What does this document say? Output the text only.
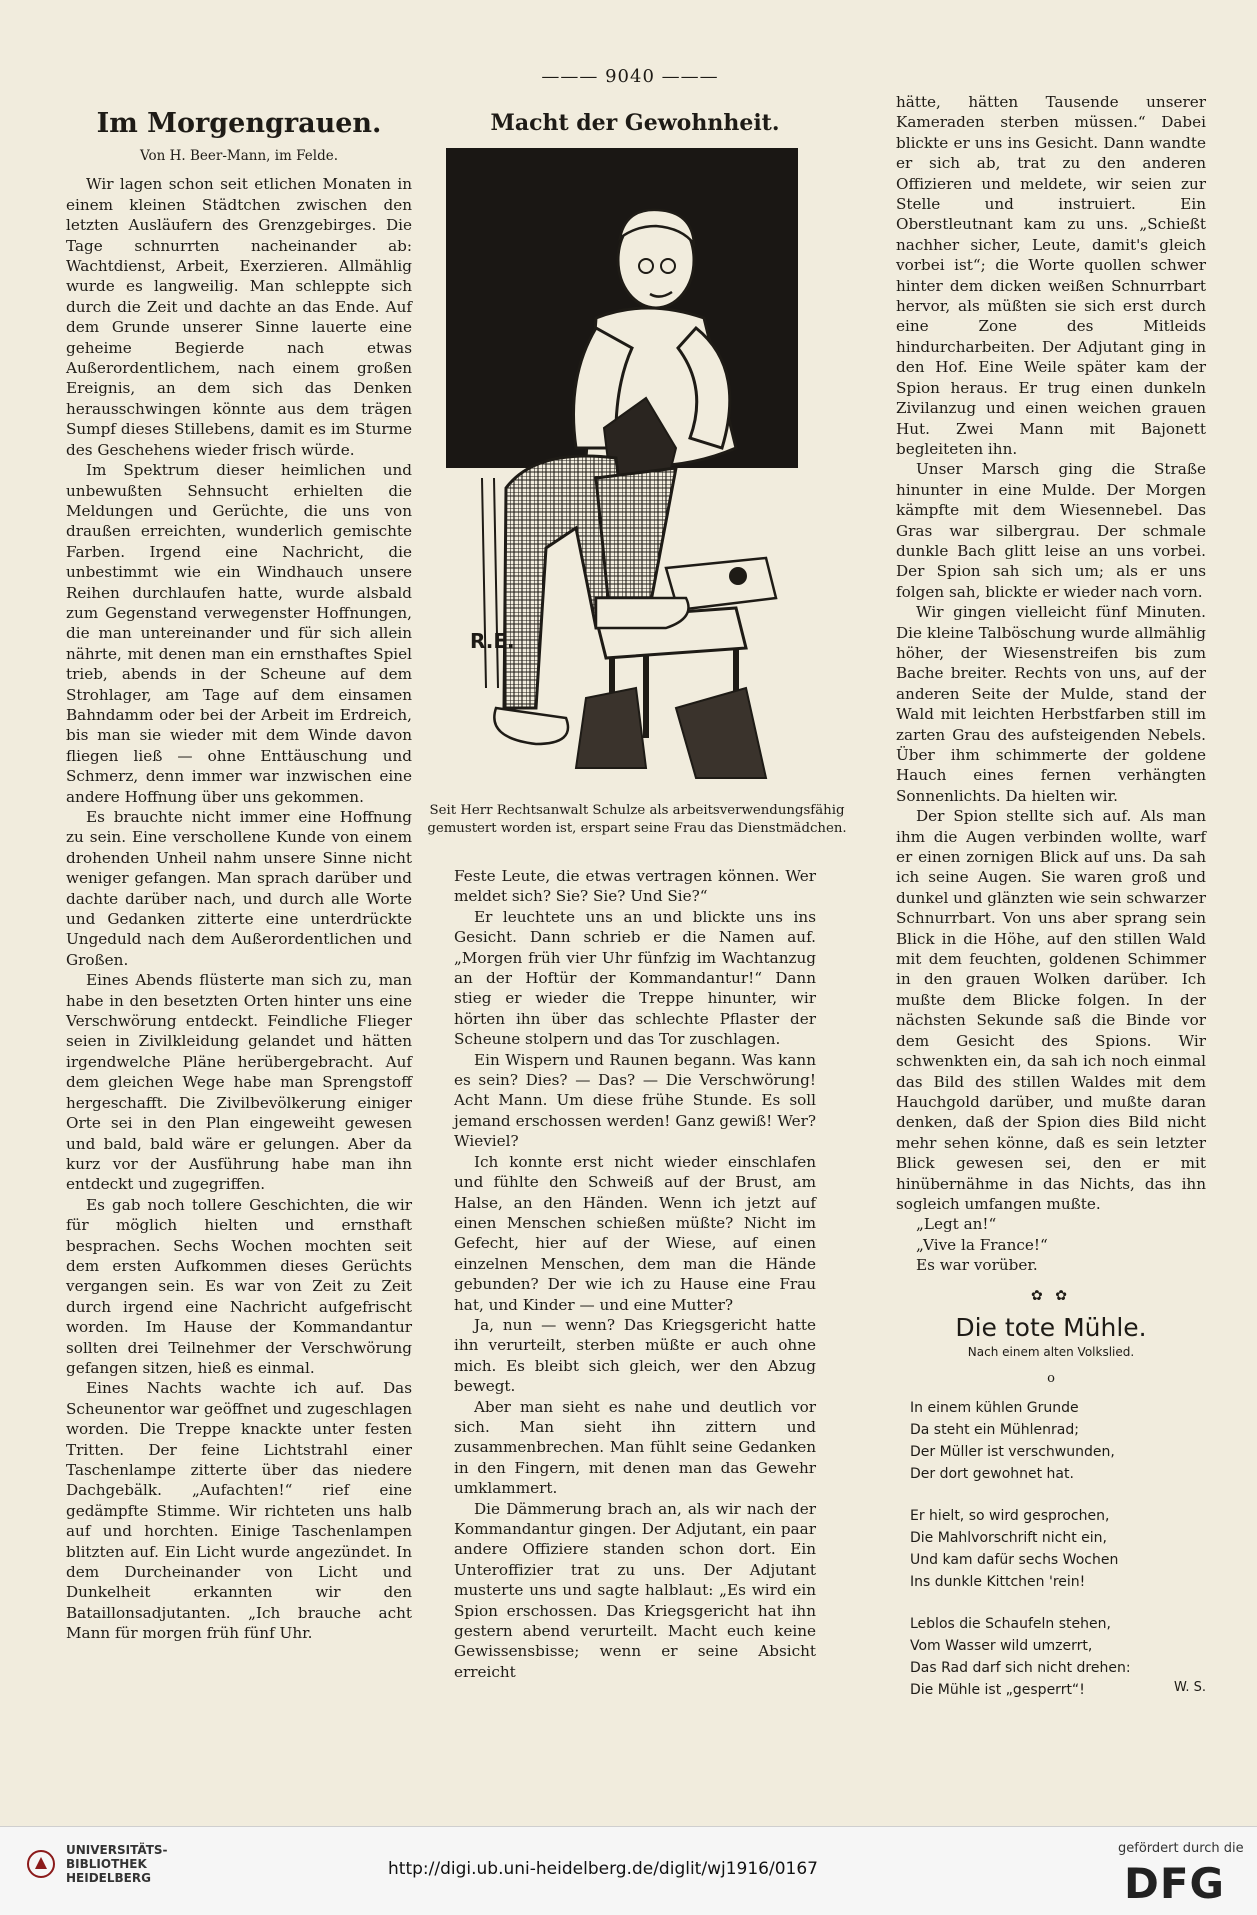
——— 9040 ———
Im Morgengrauen.
Von H. Beer-Mann, im Felde.

Wir lagen schon seit etlichen Monaten in einem kleinen Städtchen zwischen den letzten Ausläufern des Grenzgebirges. Die Tage schnurrten nacheinander ab: Wachtdienst, Arbeit, Exerzieren. Allmählig wurde es langweilig. Man schleppte sich durch die Zeit und dachte an das Ende. Auf dem Grunde unserer Sinne lauerte eine geheime Begierde nach etwas Außerordentlichem, nach einem großen Ereignis, an dem sich das Denken herausschwingen könnte aus dem trägen Sumpf dieses Stillebens, damit es im Sturme des Geschehens wieder frisch würde.

Im Spektrum dieser heimlichen und unbewußten Sehnsucht erhielten die Meldungen und Gerüchte, die uns von draußen erreichten, wunderlich gemischte Farben. Irgend eine Nachricht, die unbestimmt wie ein Windhauch unsere Reihen durchlaufen hatte, wurde alsbald zum Gegenstand verwegenster Hoffnungen, die man untereinander und für sich allein nährte, mit denen man ein ernsthaftes Spiel trieb, abends in der Scheune auf dem Strohlager, am Tage auf dem einsamen Bahndamm oder bei der Arbeit im Erdreich, bis man sie wieder mit dem Winde davon fliegen ließ — ohne Enttäuschung und Schmerz, denn immer war inzwischen eine andere Hoffnung über uns gekommen.

Es brauchte nicht immer eine Hoffnung zu sein. Eine verschollene Kunde von einem drohenden Unheil nahm unsere Sinne nicht weniger gefangen. Man sprach darüber und dachte darüber nach, und durch alle Worte und Gedanken zitterte eine unterdrückte Ungeduld nach dem Außerordentlichen und Großen.

Eines Abends flüsterte man sich zu, man habe in den besetzten Orten hinter uns eine Verschwörung entdeckt. Feindliche Flieger seien in Zivilkleidung gelandet und hätten irgendwelche Pläne herübergebracht. Auf dem gleichen Wege habe man Sprengstoff hergeschafft. Die Zivilbevölkerung einiger Orte sei in den Plan eingeweiht gewesen und bald, bald wäre er gelungen. Aber da kurz vor der Ausführung habe man ihn entdeckt und zugegriffen.

Es gab noch tollere Geschichten, die wir für möglich hielten und ernsthaft besprachen. Sechs Wochen mochten seit dem ersten Aufkommen dieses Gerüchts vergangen sein. Es war von Zeit zu Zeit durch irgend eine Nachricht aufgefrischt worden. Im Hause der Kommandantur sollten drei Teilnehmer der Verschwörung gefangen sitzen, hieß es einmal.

Eines Nachts wachte ich auf. Das Scheunentor war geöffnet und zugeschlagen worden. Die Treppe knackte unter festen Tritten. Der feine Lichtstrahl einer Taschenlampe zitterte über das niedere Dachgebälk. „Aufachten!“ rief eine gedämpfte Stimme. Wir richteten uns halb auf und horchten. Einige Taschenlampen blitzten auf. Ein Licht wurde angezündet. In dem Durcheinander von Licht und Dunkelheit erkannten wir den Bataillonsadjutanten. „Ich brauche acht Mann für morgen früh fünf Uhr.

Macht der Gewohnheit.
R.E.
Seit Herr Rechtsanwalt Schulze als arbeitsverwendungsfähig gemustert worden ist, erspart seine Frau das Dienstmädchen.

Feste Leute, die etwas vertragen können. Wer meldet sich? Sie? Sie? Und Sie?“

Er leuchtete uns an und blickte uns ins Gesicht. Dann schrieb er die Namen auf. „Morgen früh vier Uhr fünfzig im Wachtanzug an der Hoftür der Kommandantur!“ Dann stieg er wieder die Treppe hinunter, wir hörten ihn über das schlechte Pflaster der Scheune stolpern und das Tor zuschlagen.

Ein Wispern und Raunen begann. Was kann es sein? Dies? — Das? — Die Verschwörung! Acht Mann. Um diese frühe Stunde. Es soll jemand erschossen werden! Ganz gewiß! Wer? Wieviel?

Ich konnte erst nicht wieder einschlafen und fühlte den Schweiß auf der Brust, am Halse, an den Händen. Wenn ich jetzt auf einen Menschen schießen müßte? Nicht im Gefecht, hier auf der Wiese, auf einen einzelnen Menschen, dem man die Hände gebunden? Der wie ich zu Hause eine Frau hat, und Kinder — und eine Mutter?

Ja, nun — wenn? Das Kriegsgericht hatte ihn verurteilt, sterben müßte er auch ohne mich. Es bleibt sich gleich, wer den Abzug bewegt.

Aber man sieht es nahe und deutlich vor sich. Man sieht ihn zittern und zusammenbrechen. Man fühlt seine Gedanken in den Fingern, mit denen man das Gewehr umklammert.

Die Dämmerung brach an, als wir nach der Kommandantur gingen. Der Adjutant, ein paar andere Offiziere standen schon dort. Ein Unteroffizier trat zu uns. Der Adjutant musterte uns und sagte halblaut: „Es wird ein Spion erschossen. Das Kriegsgericht hat ihn gestern abend verurteilt. Macht euch keine Gewissensbisse; wenn er seine Absicht erreicht

hätte, hätten Tausende unserer Kameraden sterben müssen.“ Dabei blickte er uns ins Gesicht. Dann wandte er sich ab, trat zu den anderen Offizieren und meldete, wir seien zur Stelle und instruiert. Ein Oberstleutnant kam zu uns. „Schießt nachher sicher, Leute, damit's gleich vorbei ist“; die Worte quollen schwer hinter dem dicken weißen Schnurrbart hervor, als müßten sie sich erst durch eine Zone des Mitleids hindurcharbeiten. Der Adjutant ging in den Hof. Eine Weile später kam der Spion heraus. Er trug einen dunkeln Zivilanzug und einen weichen grauen Hut. Zwei Mann mit Bajonett begleiteten ihn.

Unser Marsch ging die Straße hinunter in eine Mulde. Der Morgen kämpfte mit dem Wiesennebel. Das Gras war silbergrau. Der schmale dunkle Bach glitt leise an uns vorbei. Der Spion sah sich um; als er uns folgen sah, blickte er wieder nach vorn.

Wir gingen vielleicht fünf Minuten. Die kleine Talböschung wurde allmählig höher, der Wiesenstreifen bis zum Bache breiter. Rechts von uns, auf der anderen Seite der Mulde, stand der Wald mit leichten Herbstfarben still im zarten Grau des aufsteigenden Nebels. Über ihm schimmerte der goldene Hauch eines fernen verhängten Sonnenlichts. Da hielten wir.

Der Spion stellte sich auf. Als man ihm die Augen verbinden wollte, warf er einen zornigen Blick auf uns. Da sah ich seine Augen. Sie waren groß und dunkel und glänzten wie sein schwarzer Schnurrbart. Von uns aber sprang sein Blick in die Höhe, auf den stillen Wald mit dem feuchten, goldenen Schimmer in den grauen Wolken darüber. Ich mußte dem Blicke folgen. In der nächsten Sekunde saß die Binde vor dem Gesicht des Spions. Wir schwenkten ein, da sah ich noch einmal das Bild des stillen Waldes mit dem Hauchgold darüber, und mußte daran denken, daß der Spion dies Bild nicht mehr sehen könne, daß es sein letzter Blick gewesen sei, den er mit hinübernähme in das Nichts, das ihn sogleich umfangen mußte.

„Legt an!“

„Vive la France!“

Es war vorüber.

✿ ✿
Die tote Mühle.
Nach einem alten Volkslied.
o
In einem kühlen Grunde
Da steht ein Mühlenrad;
Der Müller ist verschwunden,
Der dort gewohnet hat.
Er hielt, so wird gesprochen,
Die Mahlvorschrift nicht ein,
Und kam dafür sechs Wochen
Ins dunkle Kittchen 'rein!
Leblos die Schaufeln stehen,
Vom Wasser wild umzerrt,
Das Rad darf sich nicht drehen:
Die Mühle ist „gesperrt“!	W. S.
UNIVERSITÄTS-
BIBLIOTHEK
HEIDELBERG	http://digi.ub.uni-heidelberg.de/diglit/wj1916/0167
gefördert durch die
DFG
